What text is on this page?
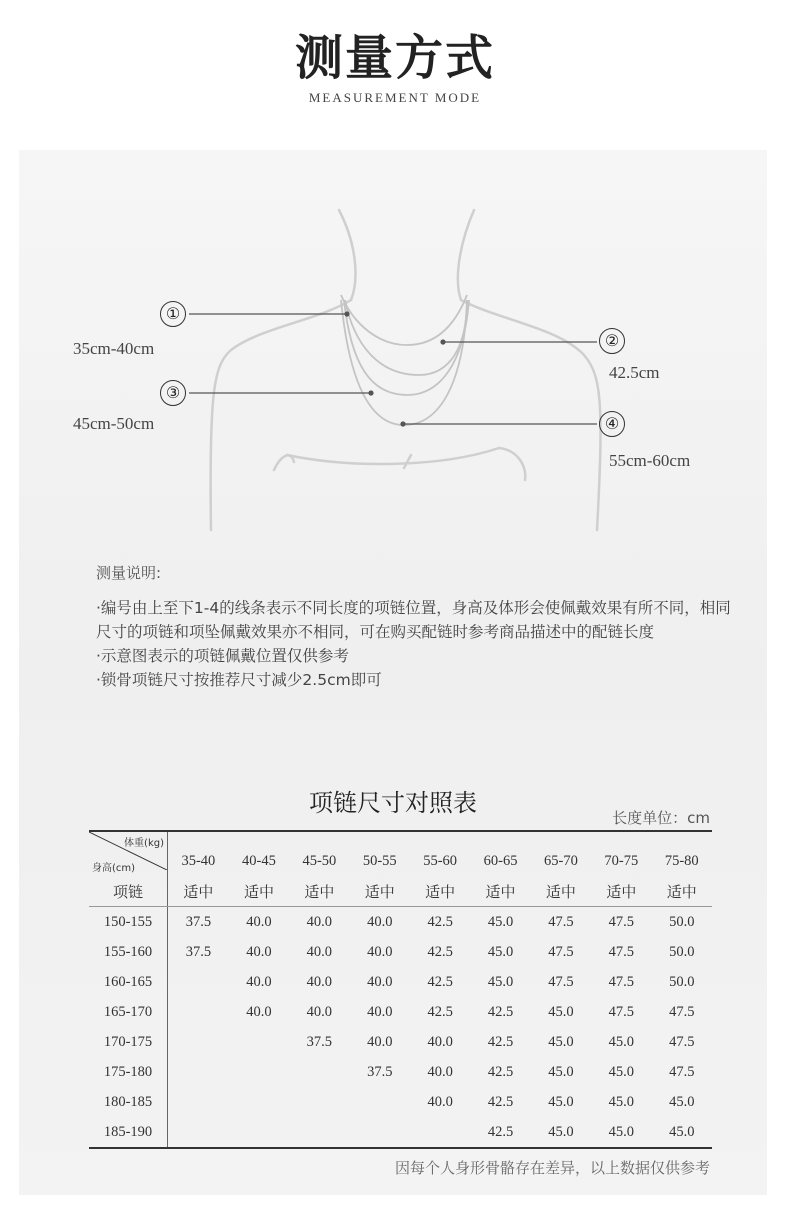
测量方式
MEASUREMENT MODE
①
②
③
④
35cm-40cm
42.5cm
45cm-50cm
55cm-60cm
测量说明:

·编号由上至下1-4的线条表示不同长度的项链位置，身高及体形会使佩戴效果有所不同，相同尺寸的项链和项坠佩戴效果亦不相同，可在购买配链时参考商品描述中的配链长度

·示意图表示的项链佩戴位置仅供参考

·锁骨项链尺寸按推荐尺寸减少2.5cm即可

项链尺寸对照表
长度单位：cm
体重(kg)
身高(cm)	35-40	40-45	45-50	50-55	55-60	60-65	65-70	70-75	75-80
项链	适中	适中	适中	适中	适中	适中	适中	适中	适中
150-155	37.5	40.0	40.0	40.0	42.5	45.0	47.5	47.5	50.0
155-160	37.5	40.0	40.0	40.0	42.5	45.0	47.5	47.5	50.0
160-165		40.0	40.0	40.0	42.5	45.0	47.5	47.5	50.0
165-170		40.0	40.0	40.0	42.5	42.5	45.0	47.5	47.5
170-175			37.5	40.0	40.0	42.5	45.0	45.0	47.5
175-180				37.5	40.0	42.5	45.0	45.0	47.5
180-185					40.0	42.5	45.0	45.0	45.0
185-190						42.5	45.0	45.0	45.0
因每个人身形骨骼存在差异，以上数据仅供参考
